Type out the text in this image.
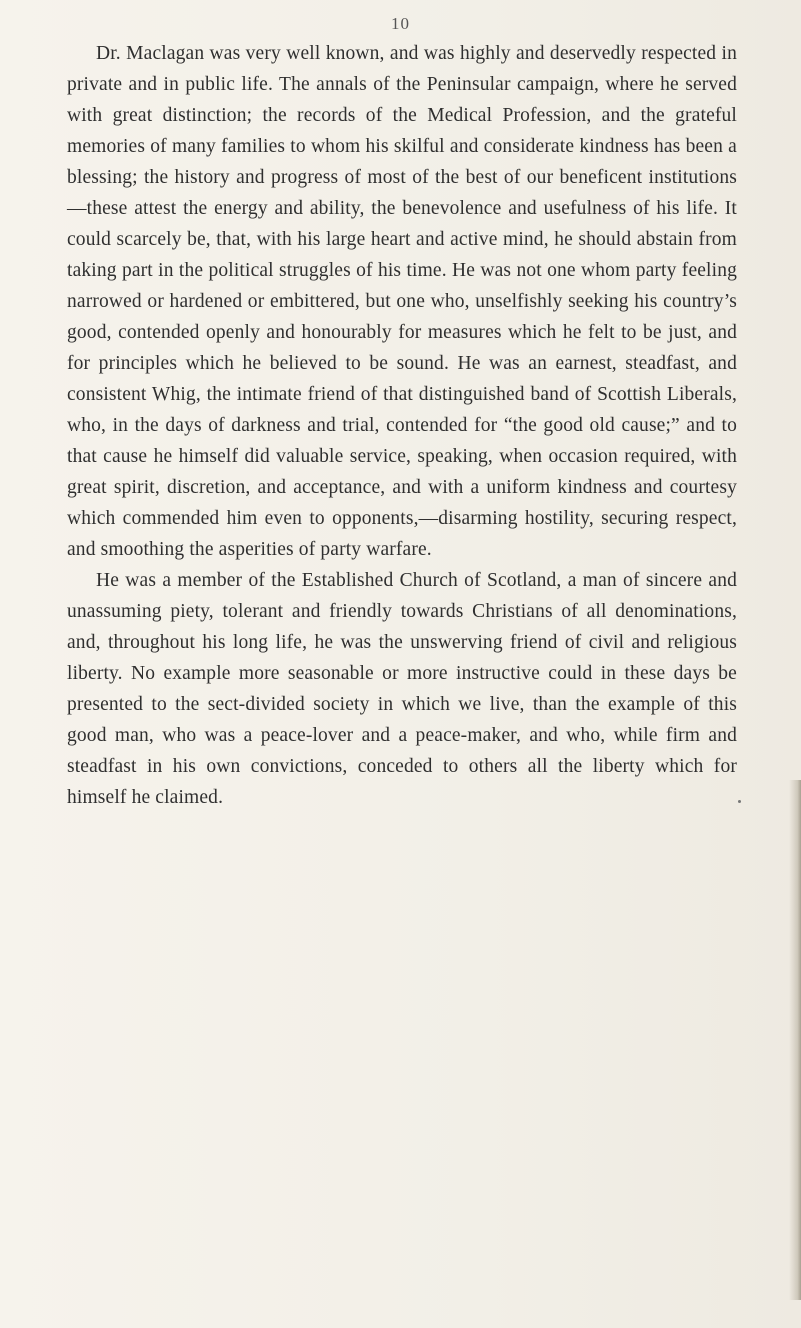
10

Dr. Maclagan was very well known, and was highly and deservedly respected in private and in public life. The annals of the Peninsular campaign, where he served with great distinction; the records of the Medical Profession, and the grateful memories of many families to whom his skilful and considerate kindness has been a blessing; the history and progress of most of the best of our beneficent institutions—these attest the energy and ability, the benevolence and usefulness of his life. It could scarcely be, that, with his large heart and active mind, he should abstain from taking part in the political struggles of his time. He was not one whom party feeling narrowed or hardened or embittered, but one who, unselfishly seeking his country’s good, contended openly and honourably for measures which he felt to be just, and for principles which he believed to be sound. He was an earnest, steadfast, and consistent Whig, the intimate friend of that distinguished band of Scottish Liberals, who, in the days of darkness and trial, contended for “the good old cause;” and to that cause he himself did valuable service, speaking, when occasion required, with great spirit, discretion, and acceptance, and with a uniform kindness and courtesy which commended him even to opponents,—disarming hostility, securing respect, and smoothing the asperities of party warfare.

He was a member of the Established Church of Scotland, a man of sincere and unassuming piety, tolerant and friendly towards Christians of all denominations, and, throughout his long life, he was the unswerving friend of civil and religious liberty. No example more seasonable or more instructive could in these days be presented to the sect-divided society in which we live, than the example of this good man, who was a peace-lover and a peace-maker, and who, while firm and steadfast in his own convictions, conceded to others all the liberty which for himself he claimed.
